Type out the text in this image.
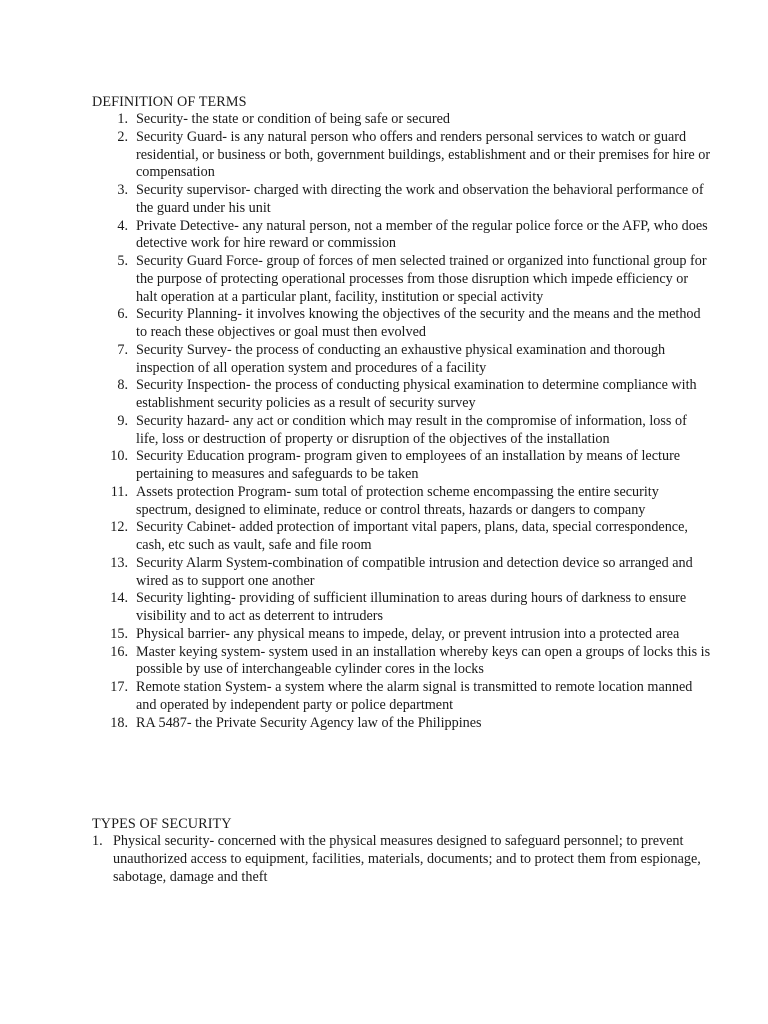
DEFINITION OF TERMS
1. Security- the state or condition of being safe or secured
2. Security Guard- is any natural person who offers and renders personal services to watch or guard residential, or business or both, government buildings, establishment and or their premises for hire or compensation
3. Security supervisor- charged with directing the work and observation the behavioral performance of the guard under his unit
4. Private Detective- any natural person, not a member of the regular police force or the AFP, who does detective work for hire reward or commission
5. Security Guard Force- group of forces of men selected trained or organized into functional group for the purpose of protecting operational processes from those disruption which impede efficiency or halt operation at a particular plant, facility, institution or special activity
6. Security Planning- it involves knowing the objectives of the security and the means and the method to reach these objectives or goal must then evolved
7. Security Survey- the process of conducting an exhaustive physical examination and thorough inspection of all operation system and procedures of a facility
8. Security Inspection- the process of conducting physical examination to determine compliance with establishment security policies as a result of security survey
9. Security hazard- any act or condition which may result in the compromise of information, loss of life, loss or destruction of property or disruption of the objectives of the installation
10. Security Education program- program given to employees of an installation by means of lecture pertaining to measures and safeguards to be taken
11. Assets protection Program- sum total of protection scheme encompassing the entire security spectrum, designed to eliminate, reduce or control threats, hazards or dangers to company
12. Security Cabinet- added protection of important vital papers, plans, data, special correspondence, cash, etc such as vault, safe and file room
13. Security Alarm System-combination of compatible intrusion and detection device so arranged and wired as to support one another
14. Security lighting- providing of sufficient illumination to areas during hours of darkness to ensure visibility and to act as deterrent to intruders
15. Physical barrier- any physical means to impede, delay, or prevent intrusion into a protected area
16. Master keying system- system used in an installation whereby keys can open a groups of locks this is possible by use of interchangeable cylinder cores in the locks
17. Remote station System- a system where the alarm signal is transmitted to remote location manned and operated by independent party or police department
18. RA 5487- the Private Security Agency law of the Philippines
TYPES OF SECURITY
1. Physical security- concerned with the physical measures designed to safeguard personnel; to prevent unauthorized access to equipment, facilities, materials, documents; and to protect them from espionage, sabotage, damage and theft
